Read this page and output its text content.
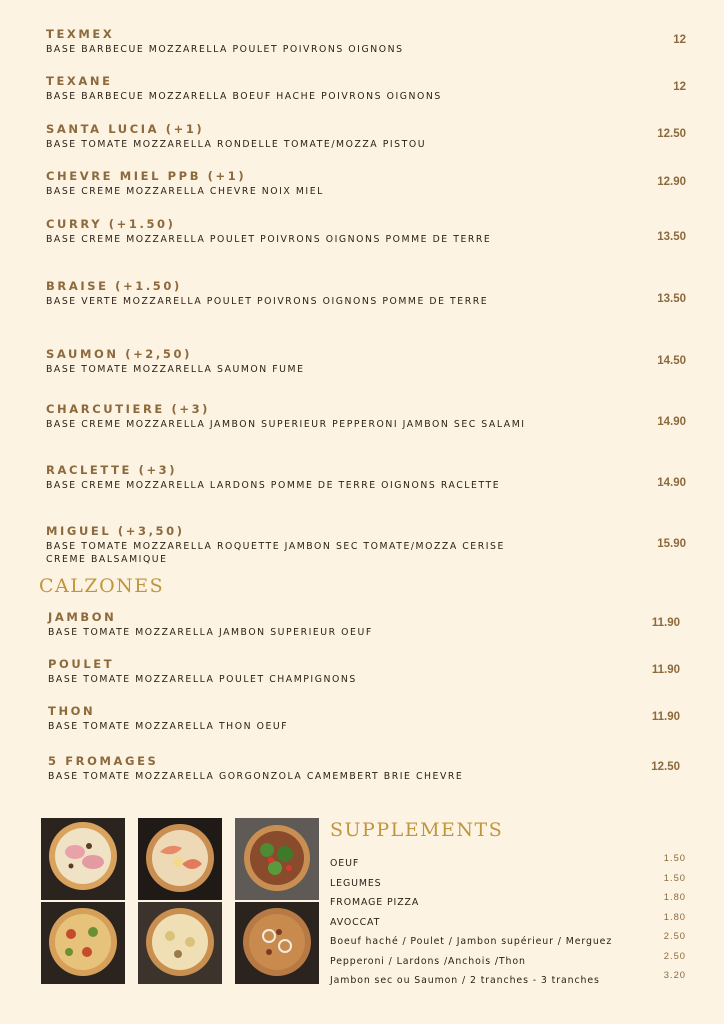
TEXMEX
BASE BARBECUE MOZZARELLA POULET POIVRONS OIGNONS
12
TEXANE
BASE BARBECUE MOZZARELLA BOEUF HACHE POIVRONS OIGNONS
12
SANTA LUCIA (+1)
BASE TOMATE MOZZARELLA RONDELLE TOMATE/MOZZA PISTOU
12.50
CHEVRE MIEL PPB (+1)
BASE CREME MOZZARELLA CHEVRE NOIX MIEL
12.90
CURRY (+1.50)
BASE CREME MOZZARELLA POULET POIVRONS OIGNONS POMME DE TERRE	13.50
BRAISE (+1.50)
BASE VERTE MOZZARELLA POULET POIVRONS OIGNONS POMME DE TERRE	13.50
SAUMON (+2,50)
BASE TOMATE MOZZARELLA SAUMON FUME
14.50
CHARCUTIERE (+3)
BASE CREME MOZZARELLA JAMBON SUPERIEUR PEPPERONI JAMBON SEC SALAMI	14.90
RACLETTE (+3)
BASE CREME MOZZARELLA LARDONS POMME DE TERRE OIGNONS RACLETTE	14.90
MIGUEL (+3,50)
BASE TOMATE MOZZARELLA ROQUETTE JAMBON SEC TOMATE/MOZZA CERISE CREME BALSAMIQUE
15.90
CALZONES
JAMBON
BASE TOMATE MOZZARELLA JAMBON SUPERIEUR OEUF
11.90
POULET
BASE TOMATE MOZZARELLA POULET CHAMPIGNONS
11.90
THON
BASE TOMATE MOZZARELLA THON OEUF
11.90
5 FROMAGES
BASE TOMATE MOZZARELLA GORGONZOLA CAMEMBERT BRIE CHEVRE
12.50
SUPPLEMENTS
OEUF
1.50
LEGUMES
1.50
FROMAGE PIZZA
1.80
AVOCCAT
1.80
Boeuf haché / Poulet / Jambon supérieur / Merguez
2.50
Pepperoni / Lardons /Anchois /Thon
2.50
Jambon sec ou Saumon / 2 tranches - 3 tranches
3.20
